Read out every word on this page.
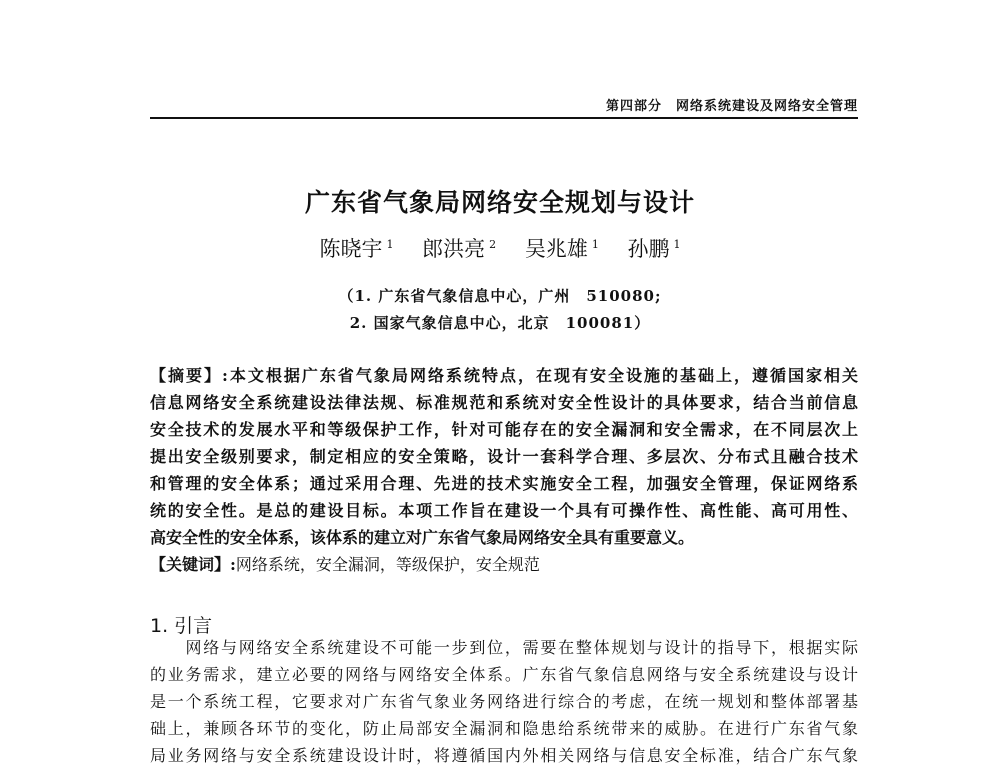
第四部分 网络系统建设及网络安全管理
广东省气象局网络安全规划与设计
陈晓宇 $^1$ 郎洪亮 $^2$ 吴兆雄 $^1$ 孙鹏 $^1$
（1. 广东省气象信息中心，广州　510080;
2. 国家气象信息中心，北京　100081）
【摘要】:本文根据广东省气象局网络系统特点，在现有安全设施的基础上，遵循国家相关
信息网络安全系统建设法律法规、标准规范和系统对安全性设计的具体要求，结合当前信息
安全技术的发展水平和等级保护工作，针对可能存在的安全漏洞和安全需求，在不同层次上
提出安全级别要求，制定相应的安全策略，设计一套科学合理、多层次、分布式且融合技术
和管理的安全体系；通过采用合理、先进的技术实施安全工程，加强安全管理，保证网络系
统的安全性。是总的建设目标。本项工作旨在建设一个具有可操作性、高性能、高可用性、
高安全性的安全体系，该体系的建立对广东省气象局网络安全具有重要意义。
【关键词】:网络系统，安全漏洞，等级保护，安全规范
1. 引言
　　网络与网络安全系统建设不可能一步到位，需要在整体规划与设计的指导下，根据实际
的业务需求，建立必要的网络与网络安全体系。广东省气象信息网络与安全系统建设与设计
是一个系统工程，它要求对广东省气象业务网络进行综合的考虑，在统一规划和整体部署基
础上，兼顾各环节的变化，防止局部安全漏洞和隐患给系统带来的威胁。在进行广东省气象
局业务网络与安全系统建设设计时，将遵循国内外相关网络与信息安全标准，结合广东气象
